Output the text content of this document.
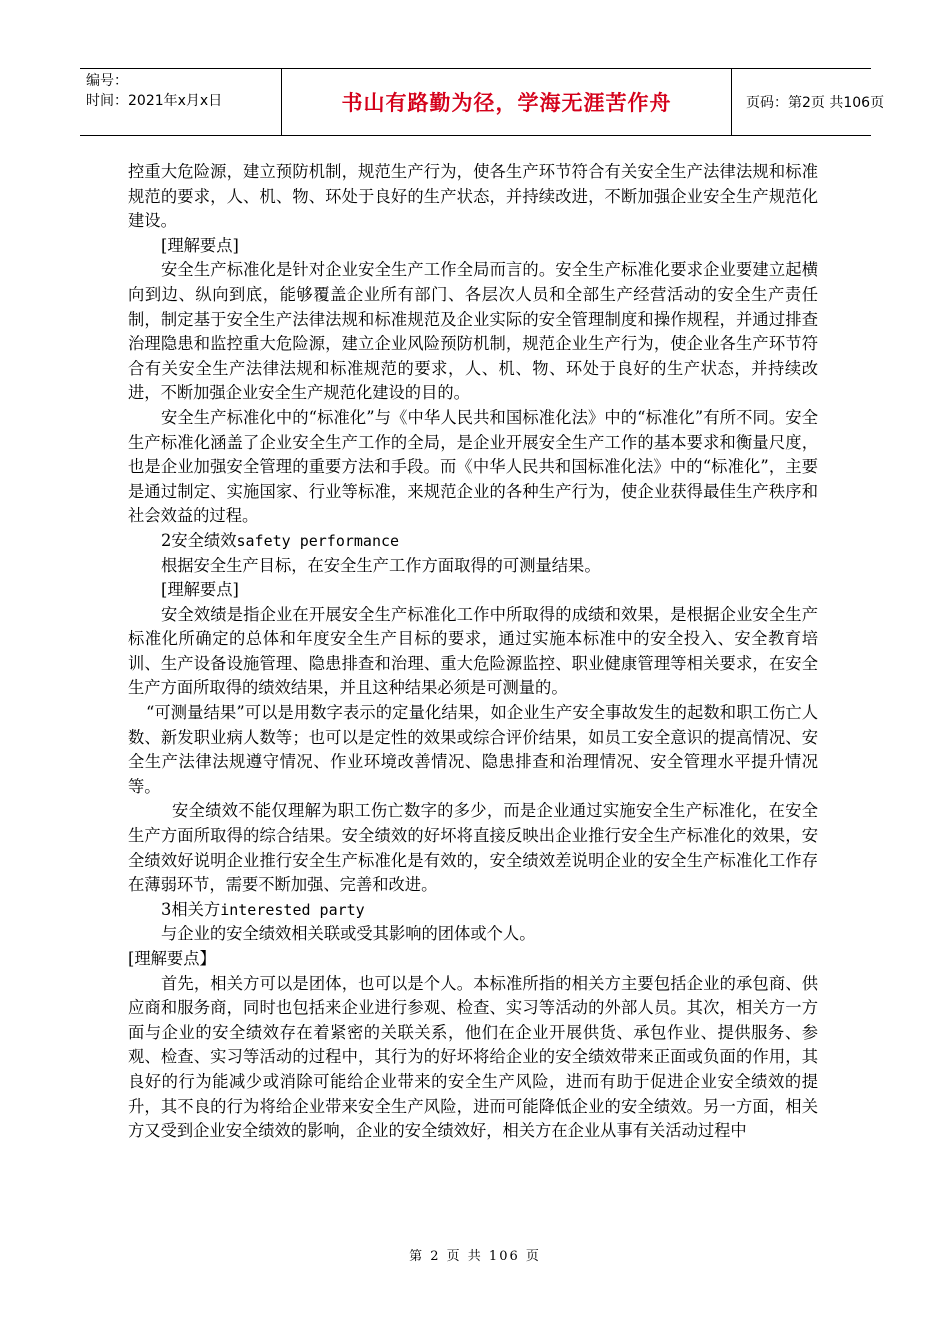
编号：
时间：2021年x月x日	书山有路勤为径，学海无涯苦作舟	页码：第2页 共106页

控重大危险源，建立预防机制，规范生产行为，使各生产环节符合有关安全生产法律法规和标准规范的要求，人、机、物、环处于良好的生产状态，并持续改进，不断加强企业安全生产规范化建设。

[理解要点]

安全生产标准化是针对企业安全生产工作全局而言的。安全生产标准化要求企业要建立起横向到边、纵向到底，能够覆盖企业所有部门、各层次人员和全部生产经营活动的安全生产责任制，制定基于安全生产法律法规和标准规范及企业实际的安全管理制度和操作规程，并通过排查治理隐患和监控重大危险源，建立企业风险预防机制，规范企业生产行为，使企业各生产环节符合有关安全生产法律法规和标准规范的要求，人、机、物、环处于良好的生产状态，并持续改进，不断加强企业安全生产规范化建设的目的。

安全生产标准化中的“标准化”与《中华人民共和国标准化法》中的“标准化”有所不同。安全生产标准化涵盖了企业安全生产工作的全局，是企业开展安全生产工作的基本要求和衡量尺度，也是企业加强安全管理的重要方法和手段。而《中华人民共和国标准化法》中的“标准化”，主要是通过制定、实施国家、行业等标准，来规范企业的各种生产行为，使企业获得最佳生产秩序和社会效益的过程。

2安全绩效safety performance

根据安全生产目标，在安全生产工作方面取得的可测量结果。

[理解要点]

安全效绩是指企业在开展安全生产标准化工作中所取得的成绩和效果，是根据企业安全生产标准化所确定的总体和年度安全生产目标的要求，通过实施本标准中的安全投入、安全教育培训、生产设备设施管理、隐患排查和治理、重大危险源监控、职业健康管理等相关要求，在安全生产方面所取得的绩效结果，并且这种结果必须是可测量的。

“可测量结果”可以是用数字表示的定量化结果，如企业生产安全事故发生的起数和职工伤亡人数、新发职业病人数等；也可以是定性的效果或综合评价结果，如员工安全意识的提高情况、安全生产法律法规遵守情况、作业环境改善情况、隐患排查和治理情况、安全管理水平提升情况等。

安全绩效不能仅理解为职工伤亡数字的多少，而是企业通过实施安全生产标准化，在安全生产方面所取得的综合结果。安全绩效的好坏将直接反映出企业推行安全生产标准化的效果，安全绩效好说明企业推行安全生产标准化是有效的，安全绩效差说明企业的安全生产标准化工作存在薄弱环节，需要不断加强、完善和改进。

3相关方interested party

与企业的安全绩效相关联或受其影响的团体或个人。

[理解要点】

首先，相关方可以是团体，也可以是个人。本标准所指的相关方主要包括企业的承包商、供应商和服务商，同时也包括来企业进行参观、检查、实习等活动的外部人员。其次，相关方一方面与企业的安全绩效存在着紧密的关联关系，他们在企业开展供货、承包作业、提供服务、参观、检查、实习等活动的过程中，其行为的好坏将给企业的安全绩效带来正面或负面的作用，其良好的行为能减少或消除可能给企业带来的安全生产风险，进而有助于促进企业安全绩效的提升，其不良的行为将给企业带来安全生产风险，进而可能降低企业的安全绩效。另一方面，相关方又受到企业安全绩效的影响，企业的安全绩效好，相关方在企业从事有关活动过程中

第 2 页 共 106 页
